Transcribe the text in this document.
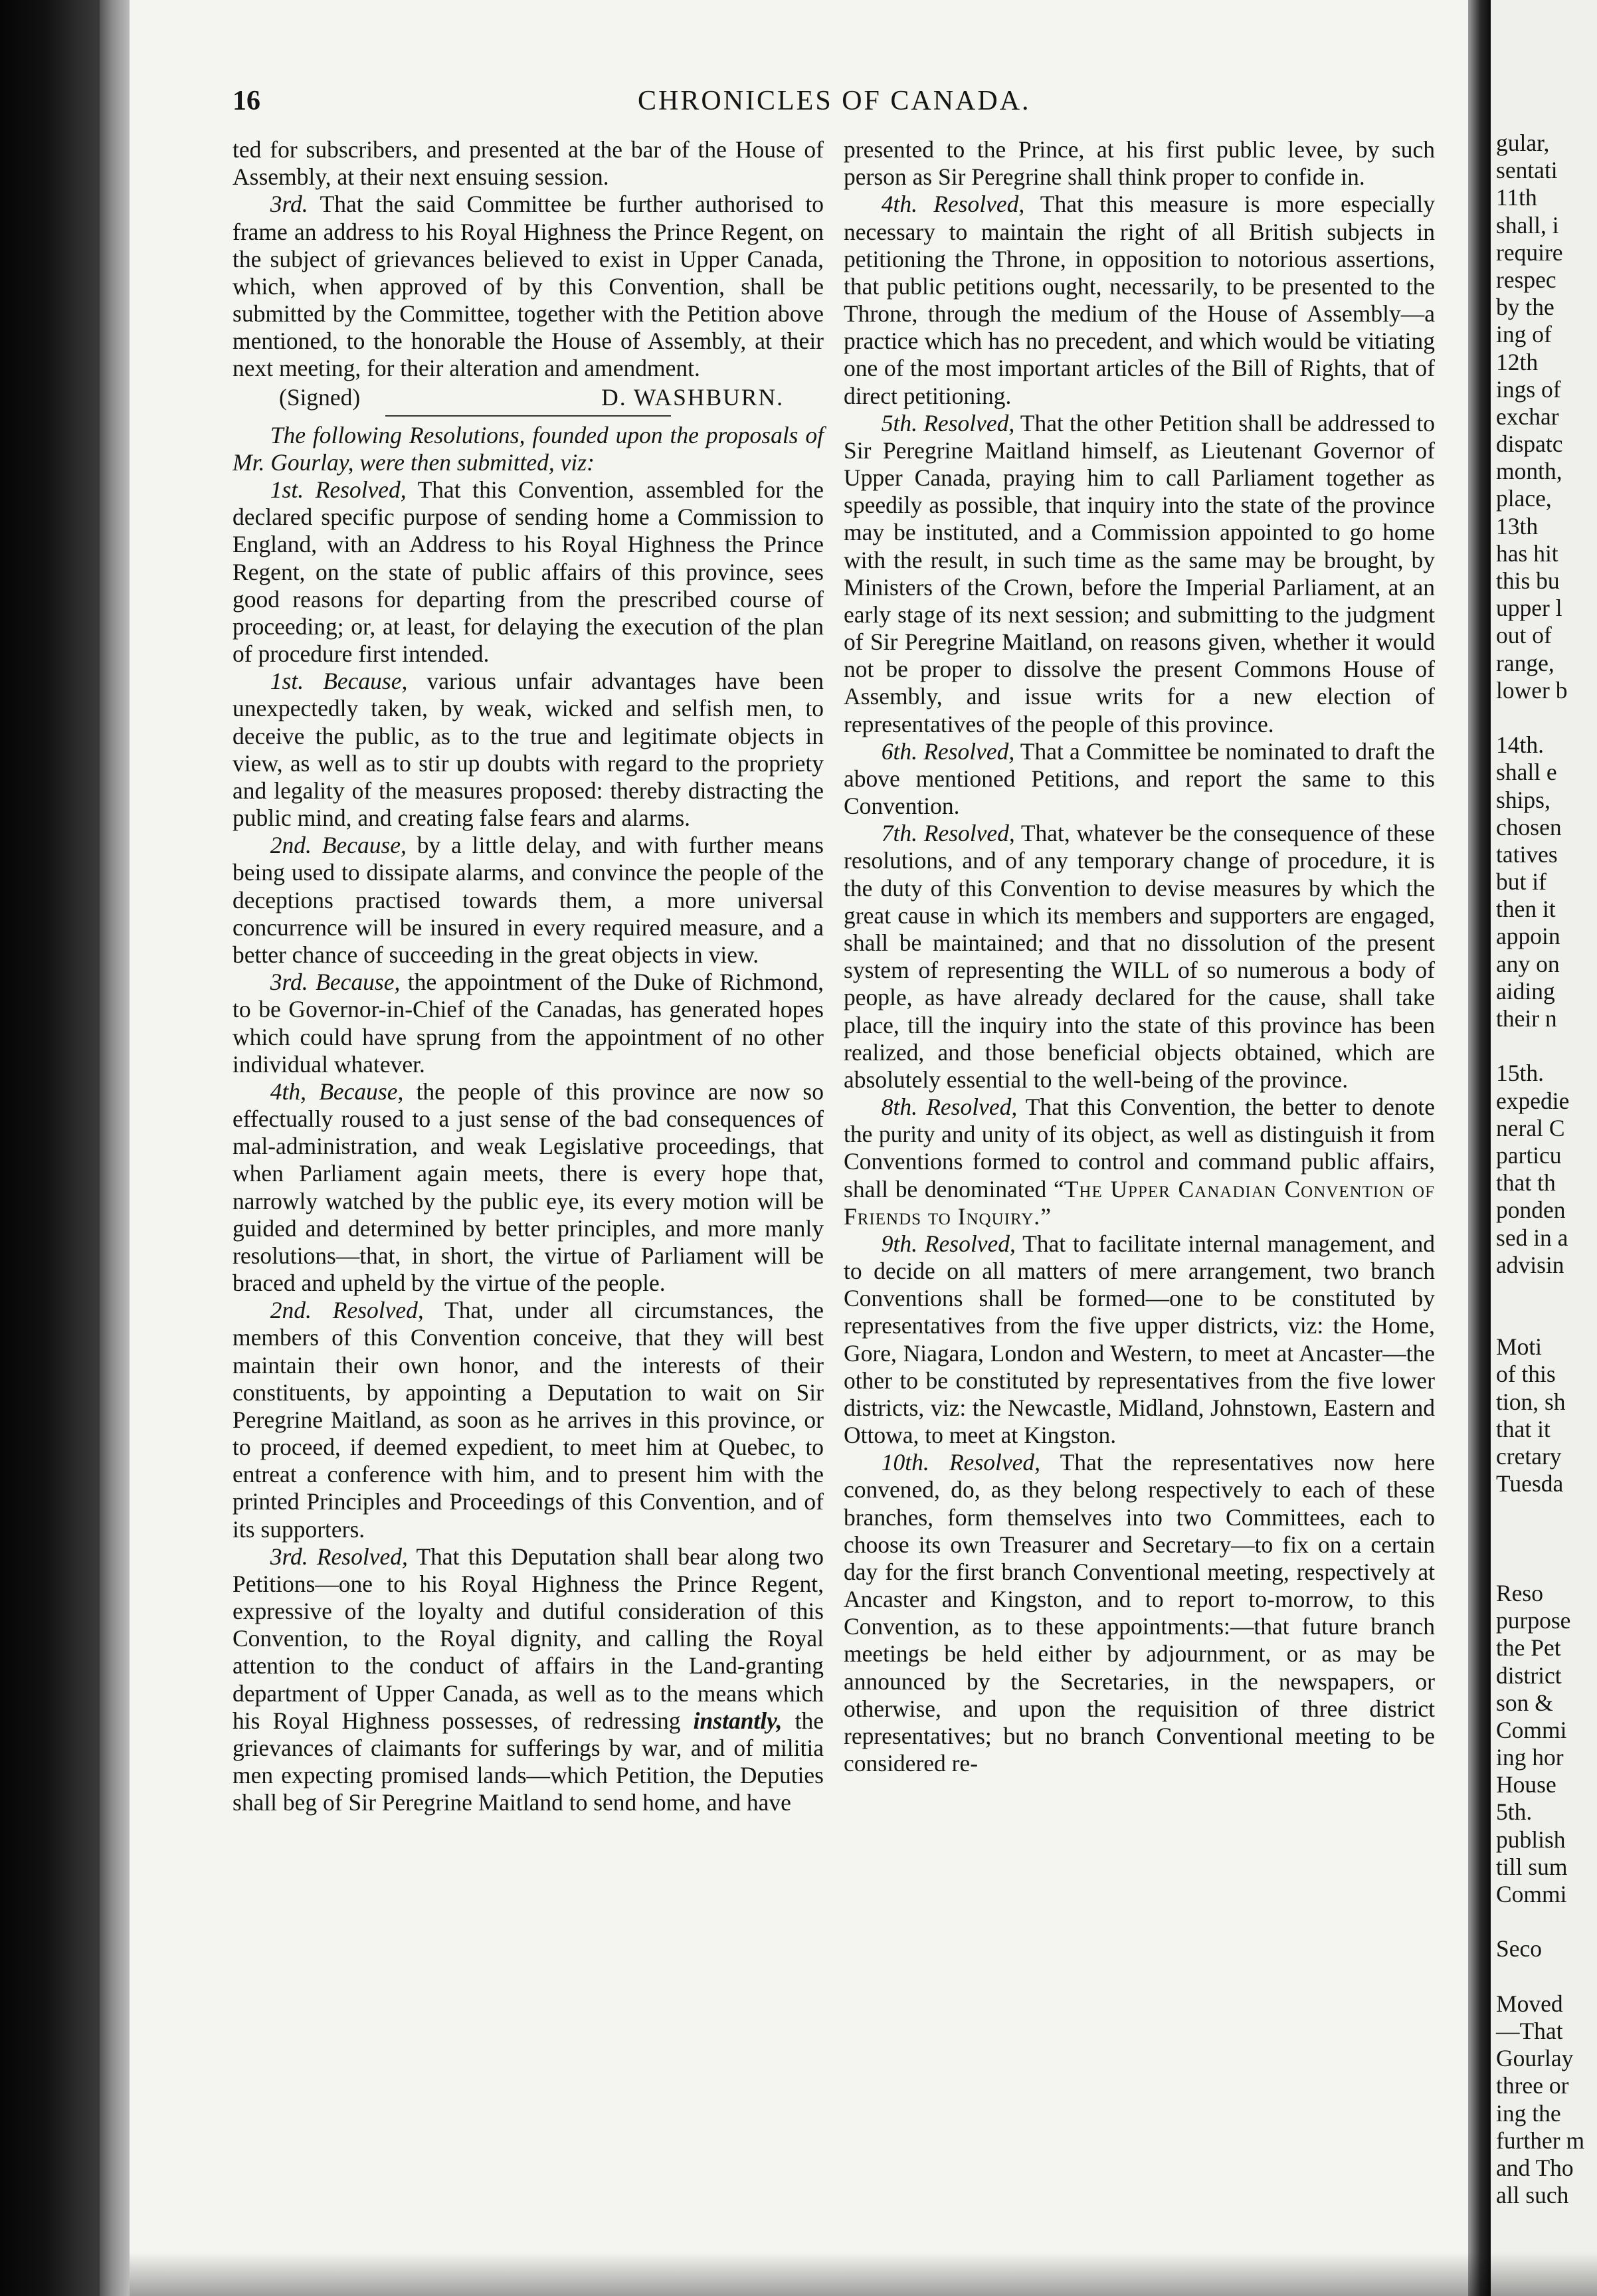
16	CHRONICLES OF CANADA.

ted for subscribers, and presented at the bar of the House of Assembly, at their next ensuing session.

3rd. That the said Committee be further authorised to frame an address to his Royal Highness the Prince Regent, on the subject of grievances believed to exist in Upper Canada, which, when approved of by this Convention, shall be submitted by the Committee, together with the Petition above mentioned, to the honorable the House of Assembly, at their next meeting, for their alteration and amendment.

(Signed)	D. WASHBURN.

The following Resolutions, founded upon the proposals of Mr. Gourlay, were then submitted, viz:

1st. Resolved, That this Convention, assembled for the declared specific purpose of sending home a Commission to England, with an Address to his Royal Highness the Prince Regent, on the state of public affairs of this province, sees good reasons for departing from the prescribed course of proceeding; or, at least, for delaying the execution of the plan of procedure first intended.

1st. Because, various unfair advantages have been unexpectedly taken, by weak, wicked and selfish men, to deceive the public, as to the true and legitimate objects in view, as well as to stir up doubts with regard to the propriety and legality of the measures proposed: thereby distracting the public mind, and creating false fears and alarms.

2nd. Because, by a little delay, and with further means being used to dissipate alarms, and convince the people of the deceptions practised towards them, a more universal concurrence will be insured in every required measure, and a better chance of succeeding in the great objects in view.

3rd. Because, the appointment of the Duke of Richmond, to be Governor-in-Chief of the Canadas, has generated hopes which could have sprung from the appointment of no other individual whatever.

4th, Because, the people of this province are now so effectually roused to a just sense of the bad consequences of mal-administration, and weak Legislative proceedings, that when Parliament again meets, there is every hope that, narrowly watched by the public eye, its every motion will be guided and determined by better principles, and more manly resolutions—that, in short, the virtue of Parliament will be braced and upheld by the virtue of the people.

2nd. Resolved, That, under all circumstances, the members of this Convention conceive, that they will best maintain their own honor, and the interests of their constituents, by appointing a Deputation to wait on Sir Peregrine Maitland, as soon as he arrives in this province, or to proceed, if deemed expedient, to meet him at Quebec, to entreat a conference with him, and to present him with the printed Principles and Proceedings of this Convention, and of its supporters.

3rd. Resolved, That this Deputation shall bear along two Petitions—one to his Royal Highness the Prince Regent, expressive of the loyalty and dutiful consideration of this Convention, to the Royal dignity, and calling the Royal attention to the conduct of affairs in the Land-granting department of Upper Canada, as well as to the means which his Royal Highness possesses, of redressing instantly, the grievances of claimants for sufferings by war, and of militia men expecting promised lands—which Petition, the Deputies shall beg of Sir Peregrine Maitland to send home, and have

presented to the Prince, at his first public levee, by such person as Sir Peregrine shall think proper to confide in.

4th. Resolved, That this measure is more especially necessary to maintain the right of all British subjects in petitioning the Throne, in opposition to notorious assertions, that public petitions ought, necessarily, to be presented to the Throne, through the medium of the House of Assembly—a practice which has no precedent, and which would be vitiating one of the most important articles of the Bill of Rights, that of direct petitioning.

5th. Resolved, That the other Petition shall be addressed to Sir Peregrine Maitland himself, as Lieutenant Governor of Upper Canada, praying him to call Parliament together as speedily as possible, that inquiry into the state of the province may be instituted, and a Commission appointed to go home with the result, in such time as the same may be brought, by Ministers of the Crown, before the Imperial Parliament, at an early stage of its next session; and submitting to the judgment of Sir Peregrine Maitland, on reasons given, whether it would not be proper to dissolve the present Commons House of Assembly, and issue writs for a new election of representatives of the people of this province.

6th. Resolved, That a Committee be nominated to draft the above mentioned Petitions, and report the same to this Convention.

7th. Resolved, That, whatever be the consequence of these resolutions, and of any temporary change of procedure, it is the duty of this Convention to devise measures by which the great cause in which its members and supporters are engaged, shall be maintained; and that no dissolution of the present system of representing the WILL of so numerous a body of people, as have already declared for the cause, shall take place, till the inquiry into the state of this province has been realized, and those beneficial objects obtained, which are absolutely essential to the well-being of the province.

8th. Resolved, That this Convention, the better to denote the purity and unity of its object, as well as distinguish it from Conventions formed to control and command public affairs, shall be denominated “The Upper Canadian Convention of Friends to Inquiry.”

9th. Resolved, That to facilitate internal management, and to decide on all matters of mere arrangement, two branch Conventions shall be formed—one to be constituted by representatives from the five upper districts, viz: the Home, Gore, Niagara, London and Western, to meet at Ancaster—the other to be constituted by representatives from the five lower districts, viz: the Newcastle, Midland, Johnstown, Eastern and Ottowa, to meet at Kingston.

10th. Resolved, That the representatives now here convened, do, as they belong respectively to each of these branches, form themselves into two Committees, each to choose its own Treasurer and Secretary—to fix on a certain day for the first branch Conventional meeting, respectively at Ancaster and Kingston, and to report to-morrow, to this Convention, as to these appointments:—that future branch meetings be held either by adjournment, or as may be announced by the Secretaries, in the newspapers, or otherwise, and upon the requisition of three district representatives; but no branch Conventional meeting to be considered re-

gular,
sentati
11th
shall, i
require
respec
by the
ing of
12th
ings of
exchar
dispatc
month,
place,
13th
has hit
this bu
upper l
out of
range,
lower b
14th.
shall e
ships,
chosen
tatives
but if
then it
appoin
any on
aiding
their n
15th.
expedie
neral C
particu
that th
ponden
sed in a
advisin
Moti
of this
tion, sh
that it
cretary
Tuesda
Reso
purpose
the Pet
district
son &
Commi
ing hor
House
5th.
publish
till sum
Commi
Seco
Moved
—That
Gourlay
three or
ing the
further m
and Tho
all such
